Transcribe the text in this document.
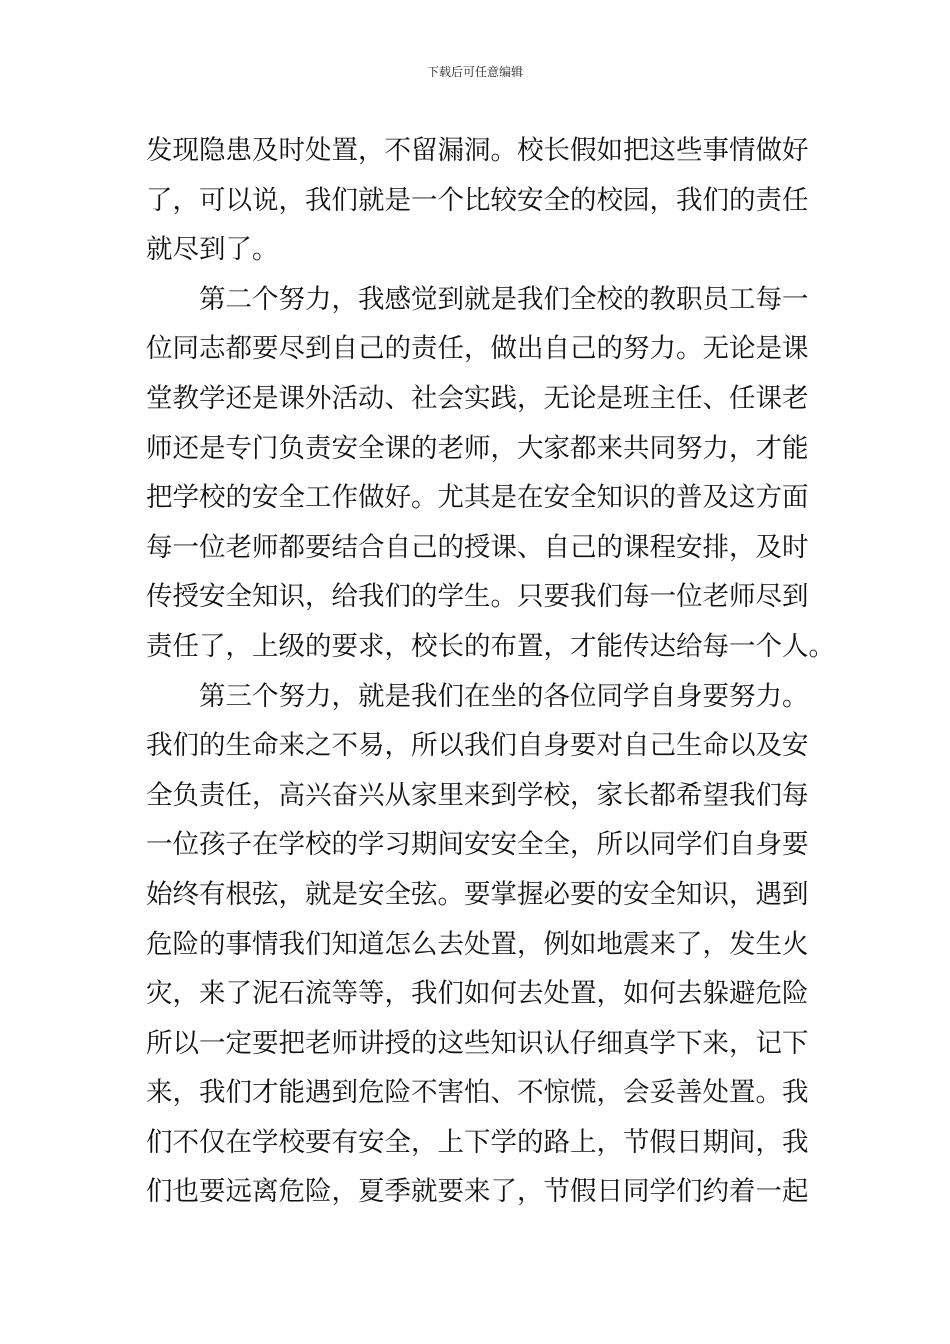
下载后可任意编辑
发现隐患及时处置，不留漏洞。校长假如把这些事情做好
了，可以说，我们就是一个比较安全的校园，我们的责任
就尽到了。
第二个努力，我感觉到就是我们全校的教职员工每一
位同志都要尽到自己的责任，做出自己的努力。无论是课
堂教学还是课外活动、社会实践，无论是班主任、任课老
师还是专门负责安全课的老师，大家都来共同努力，才能
把学校的安全工作做好。尤其是在安全知识的普及这方面
每一位老师都要结合自己的授课、自己的课程安排，及时
传授安全知识，给我们的学生。只要我们每一位老师尽到
责任了，上级的要求，校长的布置，才能传达给每一个人。
第三个努力，就是我们在坐的各位同学自身要努力。
我们的生命来之不易，所以我们自身要对自己生命以及安
全负责任，高兴奋兴从家里来到学校，家长都希望我们每
一位孩子在学校的学习期间安安全全，所以同学们自身要
始终有根弦，就是安全弦。要掌握必要的安全知识，遇到
危险的事情我们知道怎么去处置，例如地震来了，发生火
灾，来了泥石流等等，我们如何去处置，如何去躲避危险
所以一定要把老师讲授的这些知识认仔细真学下来，记下
来，我们才能遇到危险不害怕、不惊慌，会妥善处置。我
们不仅在学校要有安全，上下学的路上，节假日期间，我
们也要远离危险，夏季就要来了，节假日同学们约着一起
